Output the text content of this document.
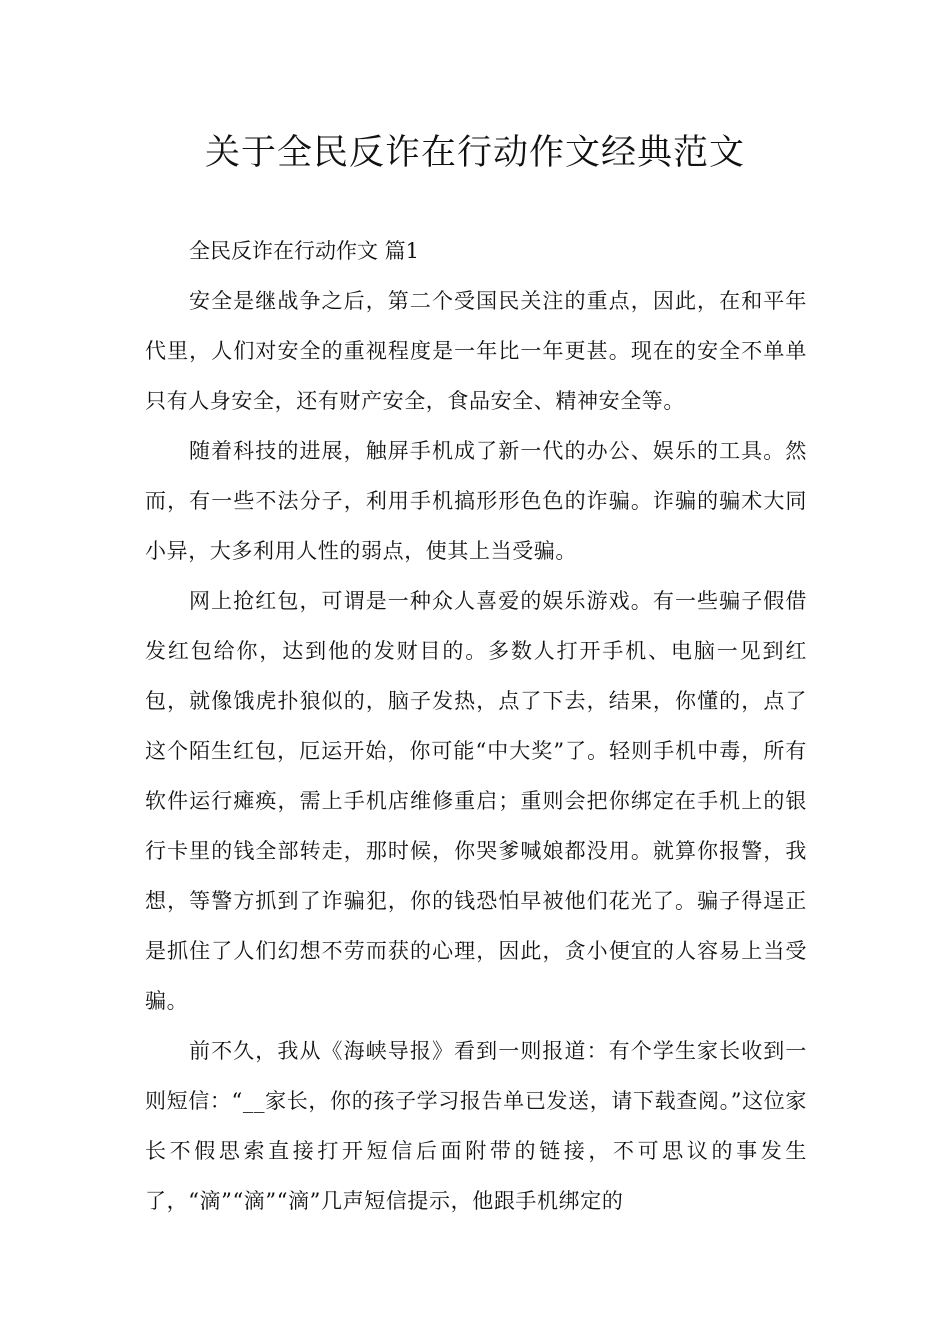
关于全民反诈在行动作文经典范文

全民反诈在行动作文 篇1

安全是继战争之后，第二个受国民关注的重点，因此，在和平年代里，人们对安全的重视程度是一年比一年更甚。现在的安全不单单只有人身安全，还有财产安全，食品安全、精神安全等。

随着科技的进展，触屏手机成了新一代的办公、娱乐的工具。然而，有一些不法分子，利用手机搞形形色色的诈骗。诈骗的骗术大同小异，大多利用人性的弱点，使其上当受骗。

网上抢红包，可谓是一种众人喜爱的娱乐游戏。有一些骗子假借发红包给你，达到他的发财目的。多数人打开手机、电脑一见到红包，就像饿虎扑狼似的，脑子发热，点了下去，结果，你懂的，点了这个陌生红包，厄运开始，你可能“中大奖”了。轻则手机中毒，所有软件运行瘫痪，需上手机店维修重启；重则会把你绑定在手机上的银行卡里的钱全部转走，那时候，你哭爹喊娘都没用。就算你报警，我想，等警方抓到了诈骗犯，你的钱恐怕早被他们花光了。骗子得逞正是抓住了人们幻想不劳而获的心理，因此，贪小便宜的人容易上当受骗。

前不久，我从《海峡导报》看到一则报道：有个学生家长收到一则短信：“__家长，你的孩子学习报告单已发送，请下载查阅。”这位家长不假思索直接打开短信后面附带的链接，不可思议的事发生了，“滴”“滴”“滴”几声短信提示，他跟手机绑定的
